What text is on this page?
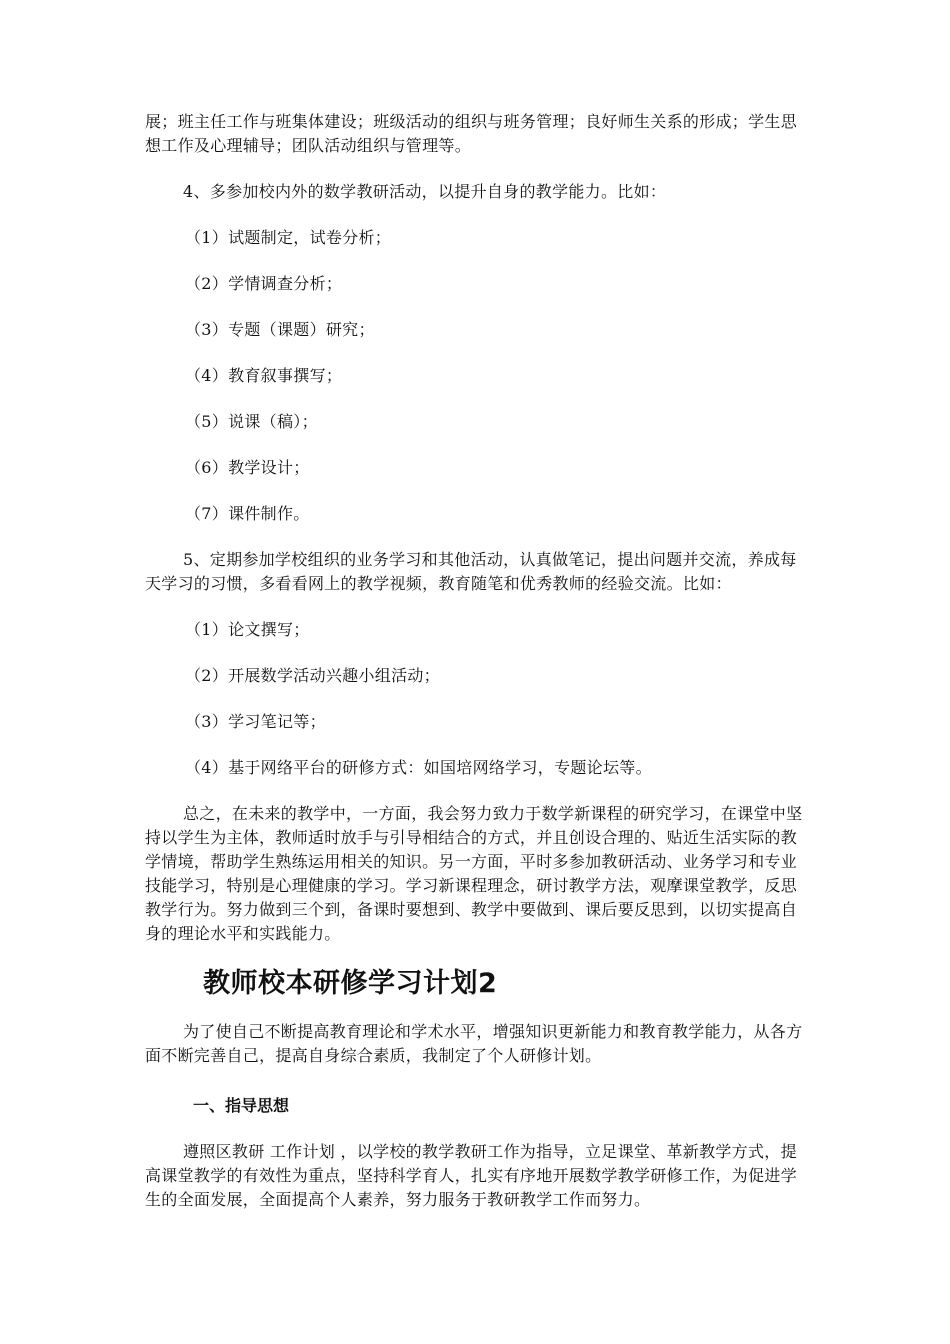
展；班主任工作与班集体建设；班级活动的组织与班务管理；良好师生关系的形成；学生思想工作及心理辅导；团队活动组织与管理等。

4、多参加校内外的数学教研活动，以提升自身的教学能力。比如：

（1）试题制定，试卷分析；

（2）学情调查分析；

（3）专题（课题）研究；

（4）教育叙事撰写；

（5）说课（稿）；

（6）教学设计；

（7）课件制作。

5、定期参加学校组织的业务学习和其他活动，认真做笔记，提出问题并交流，养成每天学习的习惯，多看看网上的教学视频，教育随笔和优秀教师的经验交流。比如：

（1）论文撰写；

（2）开展数学活动兴趣小组活动；

（3）学习笔记等；

（4）基于网络平台的研修方式：如国培网络学习，专题论坛等。

总之，在未来的教学中，一方面，我会努力致力于数学新课程的研究学习，在课堂中坚持以学生为主体，教师适时放手与引导相结合的方式，并且创设合理的、贴近生活实际的教学情境，帮助学生熟练运用相关的知识。另一方面，平时多参加教研活动、业务学习和专业技能学习，特别是心理健康的学习。学习新课程理念，研讨教学方法，观摩课堂教学，反思教学行为。努力做到三个到，备课时要想到、教学中要做到、课后要反思到，以切实提高自身的理论水平和实践能力。

教师校本研修学习计划2

为了使自己不断提高教育理论和学术水平，增强知识更新能力和教育教学能力，从各方面不断完善自己，提高自身综合素质，我制定了个人研修计划。

一、指导思想

遵照区教研 工作计划 ，以学校的教学教研工作为指导，立足课堂、革新教学方式，提高课堂教学的有效性为重点，坚持科学育人，扎实有序地开展数学教学研修工作，为促进学生的全面发展，全面提高个人素养，努力服务于教研教学工作而努力。
